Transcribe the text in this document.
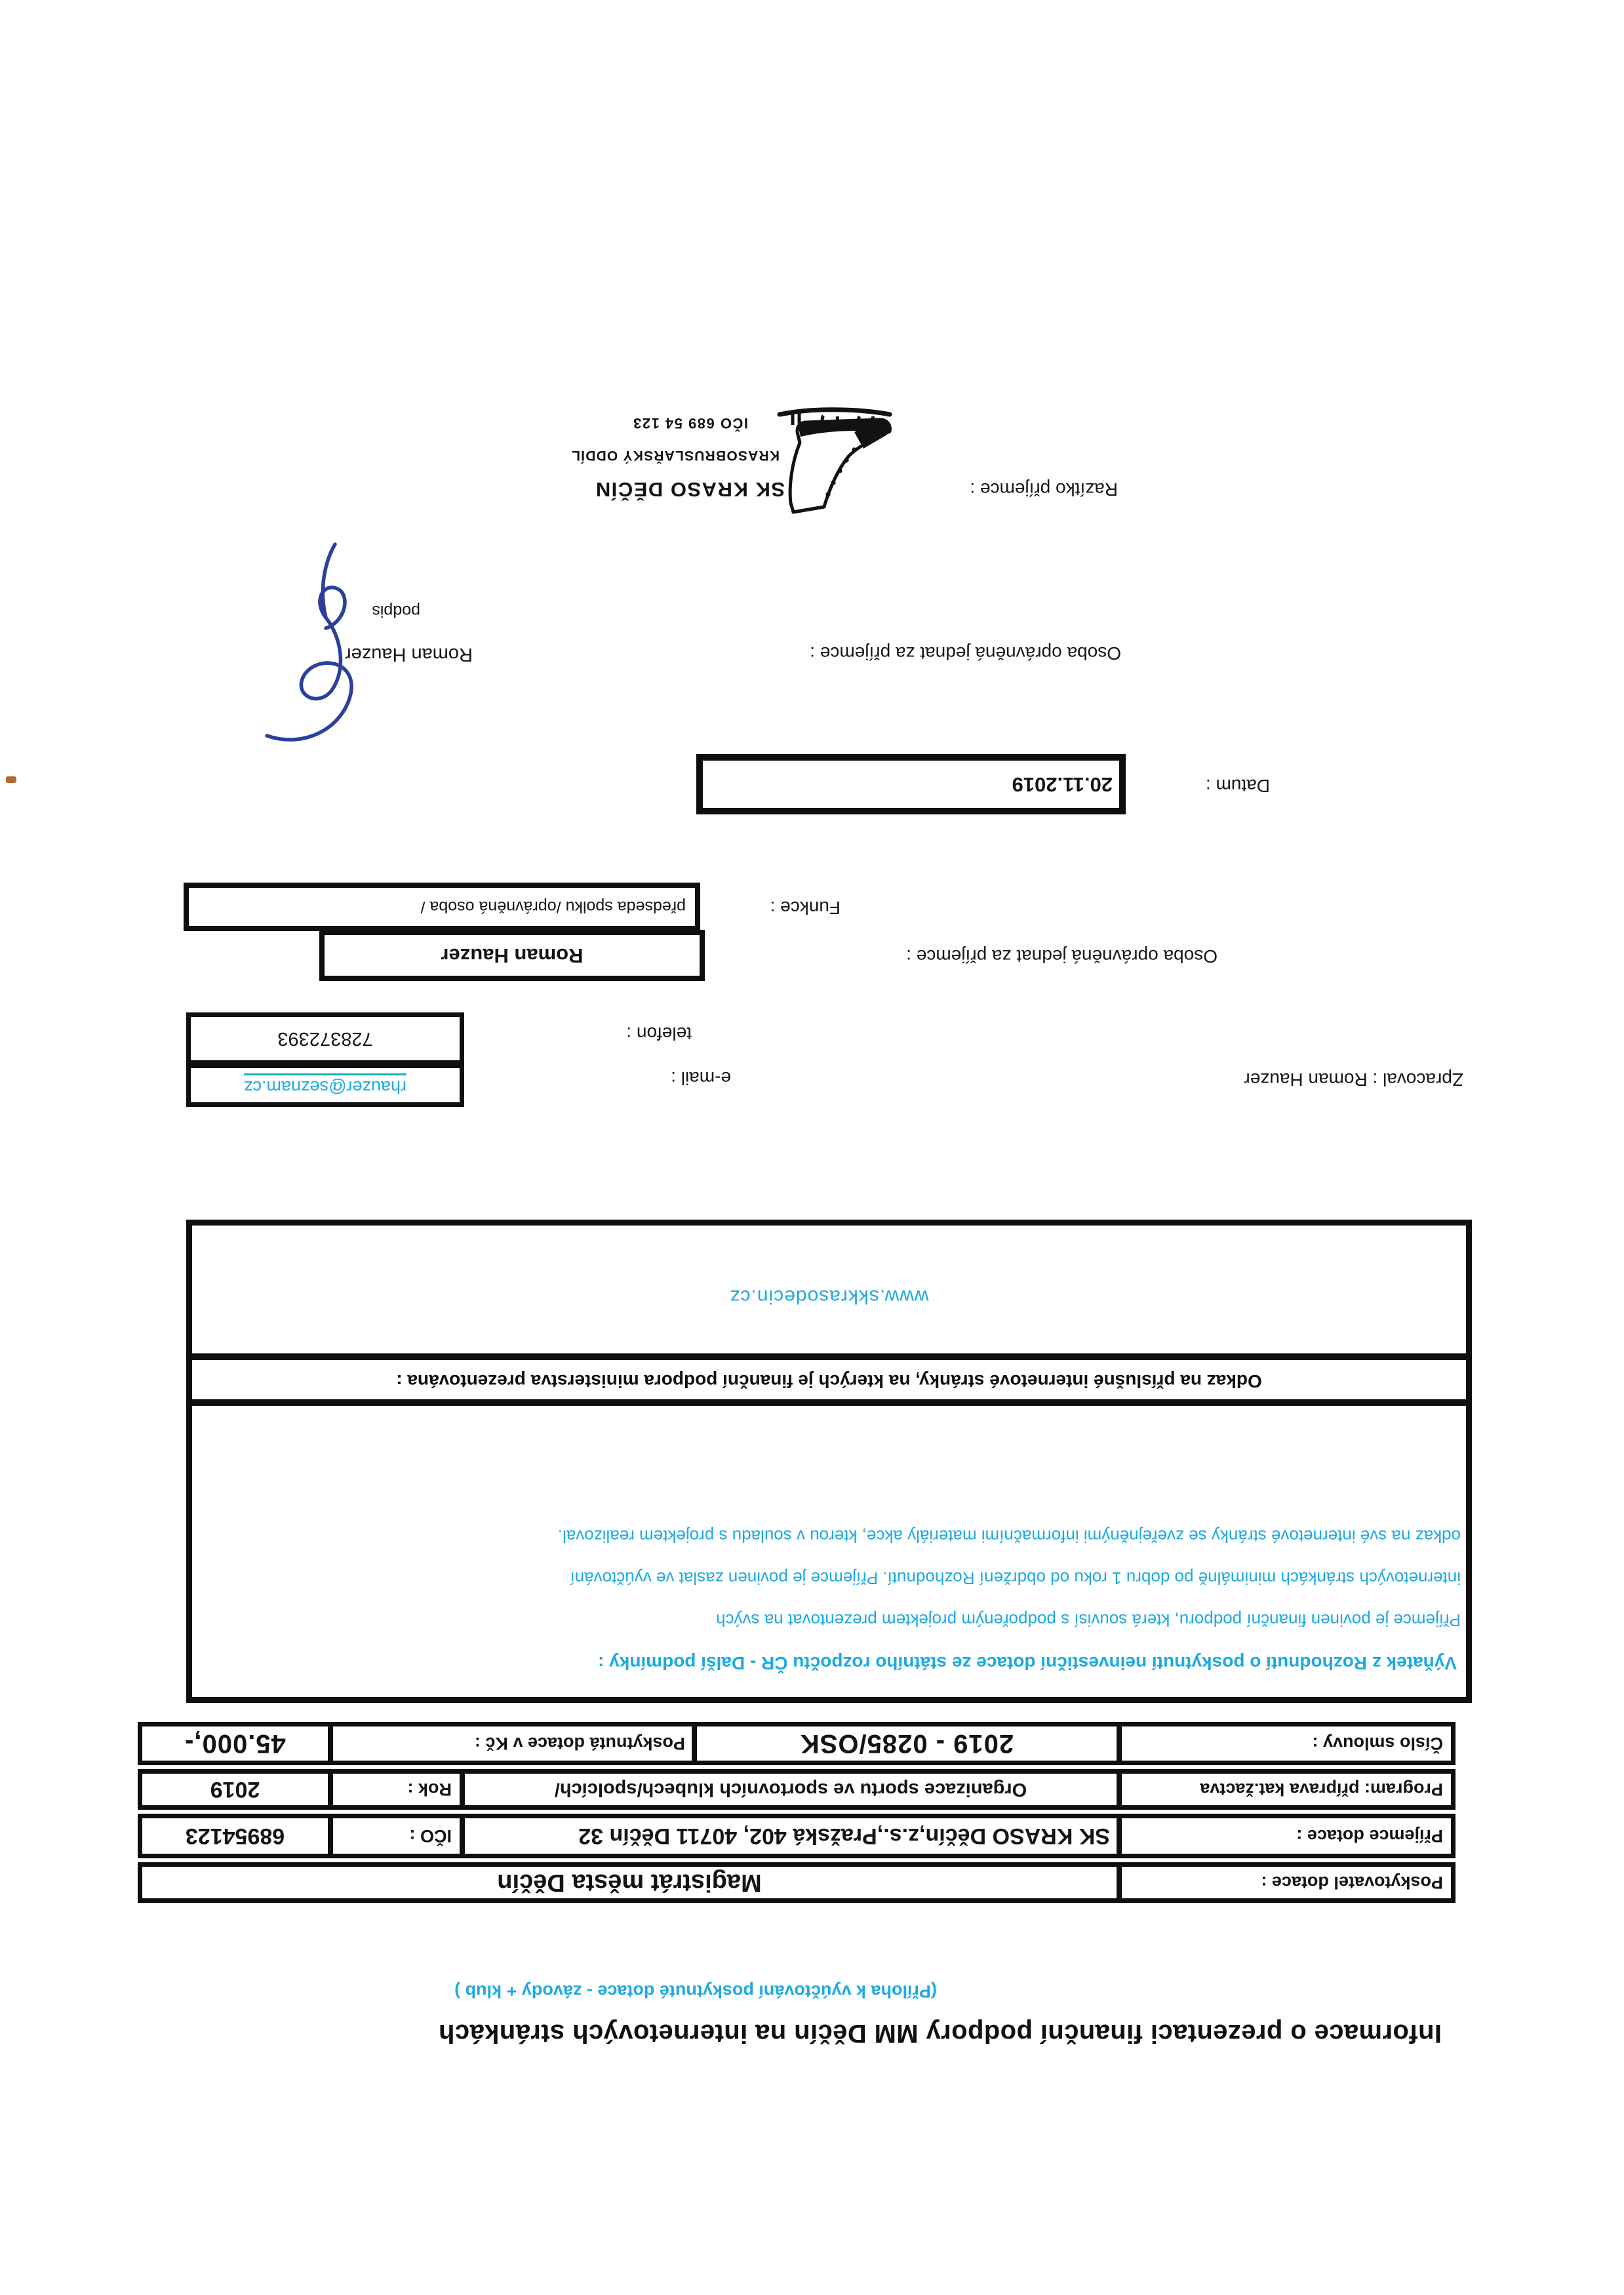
Informace o prezentaci finanční podpory MM Děčín na internetových stránkách
(Příloha k vyúčtování poskytnuté dotace - závody + klub )
Poskytovatel dotace :
Magistrát města Děčín
Příjemce dotace :
SK KRASO Děčín,z.s.,Pražská 402, 40711 Děčín 32
IČO :
68954123
Program: příprava kat.žactva
Organizace sportu ve sportovních klubech/spolcích/
Rok :
2019
Číslo smlouvy :
2019 - 0285/OSK
Poskytnutá dotace v Kč :
45.000,-
Výňatek z Rozhodnutí o poskytnutí neinvestiční dotace ze státního rozpočtu ČR - Další podmínky :
Příjemce je povinen finanční podporu, která souvisí s podpořeným projektem prezentovat na svých
internetových stránkách minimálně po dobru 1 roku od obdržení Rozhodnutí. Příjemce je povinen zaslat ve vyúčtování
odkaz na své internetové stránky se zveřejněnými informačními materiály akce, kterou v souladu s projektem realizoval.
Odkaz na příslušné internetové stránky, na kterých je finanční podpora ministerstva prezentována :
www.skkrasodecin.cz
Zpracoval : Roman Hauzer
e-mail :
rhauzer@seznam.cz
telefon :
728372393
Osoba oprávněná jednat za příjemce :
Roman Hauzer
Funkce :
předseda spolku /oprávněná osoba /
Datum :
20.11.2019
Osoba oprávněná jednat za příjemce :
Roman Hauzer
podpis
Razítko příjemce :
SK KRASO DĚČÍN
KRASOBRUSLAŘSKÝ ODDÍL
IČO 689 54 123
